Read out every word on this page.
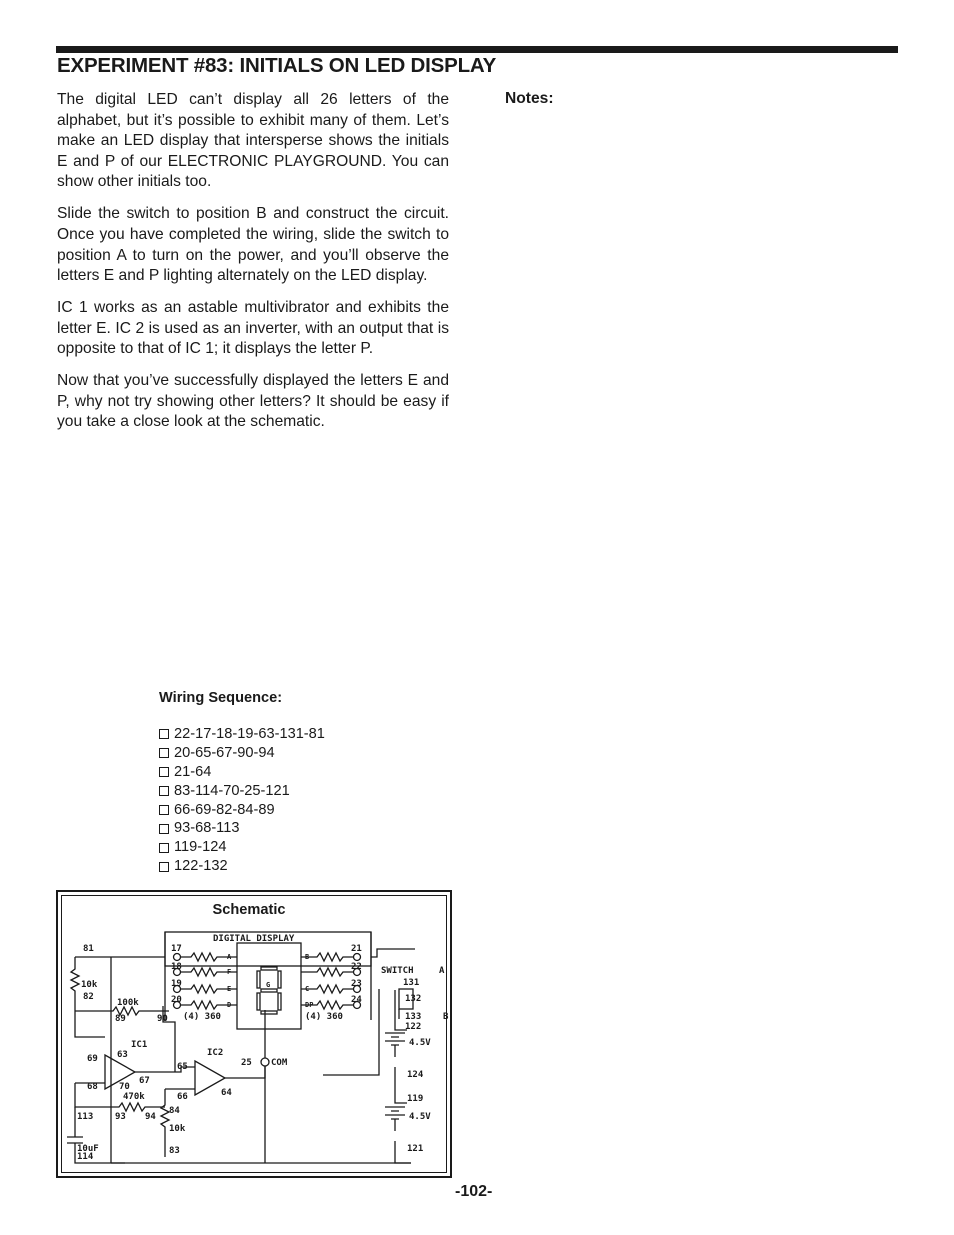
EXPERIMENT #83: INITIALS ON LED DISPLAY

The digital LED can’t display all 26 letters of the alphabet, but it’s possible to exhibit many of them. Let’s make an LED display that intersperse shows the initials E and P of our ELECTRONIC PLAYGROUND. You can show other initials too.

Slide the switch to position B and construct the circuit. Once you have completed the wiring, slide the switch to position A to turn on the power, and you’ll observe the letters E and P lighting alternately on the LED display.

IC 1 works as an astable multivibrator and exhibits the letter E. IC 2 is used as an inverter, with an output that is opposite to that of IC 1; it displays the letter P.

Now that you’ve successfully displayed the letters E and P, why not try showing other letters? It should be easy if you take a close look at the schematic.

Notes:
Wiring Sequence:
22-17-18-19-63-131-81
20-65-67-90-94
21-64
83-114-70-25-121
66-69-82-84-89
93-68-113
119-124
122-132
Schematic
DIGITAL DISPLAY
SWITCH	A
B
COM
IC1
IC2
10k
100k
470k
10k
10uF
4.5V
4.5V
(4) 360	(4) 360
81
82
89	90
17
18
19
20
21
22
23
24
131
132
133
122
124
119
121
25
63
69
68 70
67
65
66	64
93 94
84
83
113
114
A
F
E
D
B
C
DP
G
-102-
